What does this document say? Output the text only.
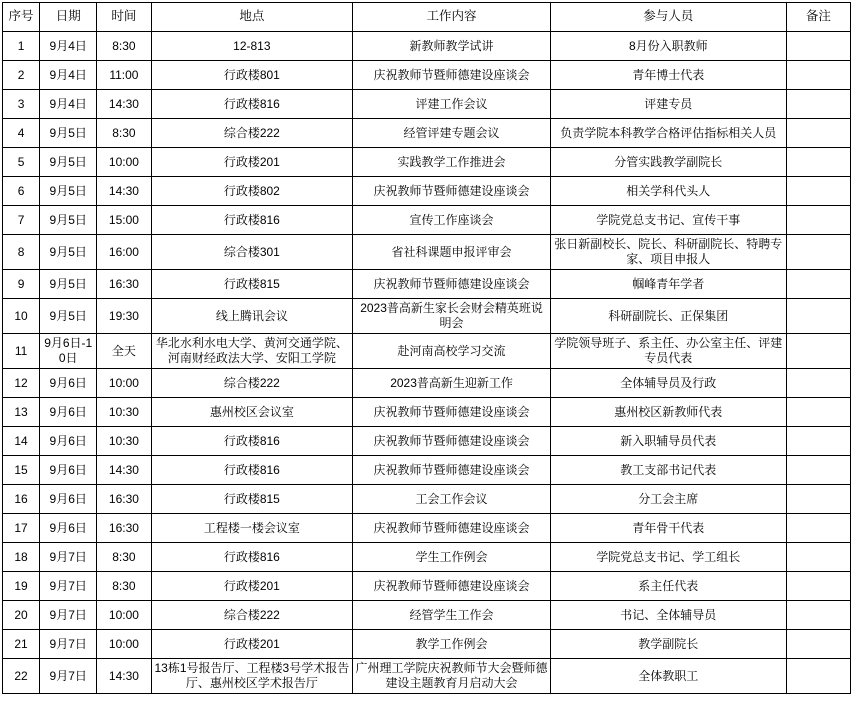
序号	日期	时间	地点	工作内容	参与人员	备注
1	9月4日	8:30	12-813	新教师教学试讲	8月份入职教师	
2	9月4日	11:00	行政楼801	庆祝教师节暨师德建设座谈会	青年博士代表	
3	9月4日	14:30	行政楼816	评建工作会议	评建专员	
4	9月5日	8:30	综合楼222	经管评建专题会议	负责学院本科教学合格评估指标相关人员	
5	9月5日	10:00	行政楼201	实践教学工作推进会	分管实践教学副院长	
6	9月5日	14:30	行政楼802	庆祝教师节暨师德建设座谈会	相关学科代头人	
7	9月5日	15:00	行政楼816	宣传工作座谈会	学院党总支书记、宣传干事	
8	9月5日	16:00	综合楼301	省社科课题申报评审会	张日新副校长、院长、科研副院长、特聘专家、项目申报人	
9	9月5日	16:30	行政楼815	庆祝教师节暨师德建设座谈会	帼峰青年学者	
10	9月5日	19:30	线上腾讯会议	2023普高新生家长会财会精英班说明会	科研副院长、正保集团	
11	9月6日-10日	全天	华北水利水电大学、黄河交通学院、河南财经政法大学、安阳工学院	赴河南高校学习交流	学院领导班子、系主任、办公室主任、评建专员代表	
12	9月6日	10:00	综合楼222	2023普高新生迎新工作	全体辅导员及行政	
13	9月6日	10:30	惠州校区会议室	庆祝教师节暨师德建设座谈会	惠州校区新教师代表	
14	9月6日	10:30	行政楼816	庆祝教师节暨师德建设座谈会	新入职辅导员代表	
15	9月6日	14:30	行政楼816	庆祝教师节暨师德建设座谈会	教工支部书记代表	
16	9月6日	16:30	行政楼815	工会工作会议	分工会主席	
17	9月6日	16:30	工程楼一楼会议室	庆祝教师节暨师德建设座谈会	青年骨干代表	
18	9月7日	8:30	行政楼816	学生工作例会	学院党总支书记、学工组长	
19	9月7日	8:30	行政楼201	庆祝教师节暨师德建设座谈会	系主任代表	
20	9月7日	10:00	综合楼222	经管学生工作会	书记、全体辅导员	
21	9月7日	10:00	行政楼201	教学工作例会	教学副院长	
22	9月7日	14:30	13栋1号报告厅、工程楼3号学术报告厅、惠州校区学术报告厅	广州理工学院庆祝教师节大会暨师德建设主题教育月启动大会	全体教职工	
